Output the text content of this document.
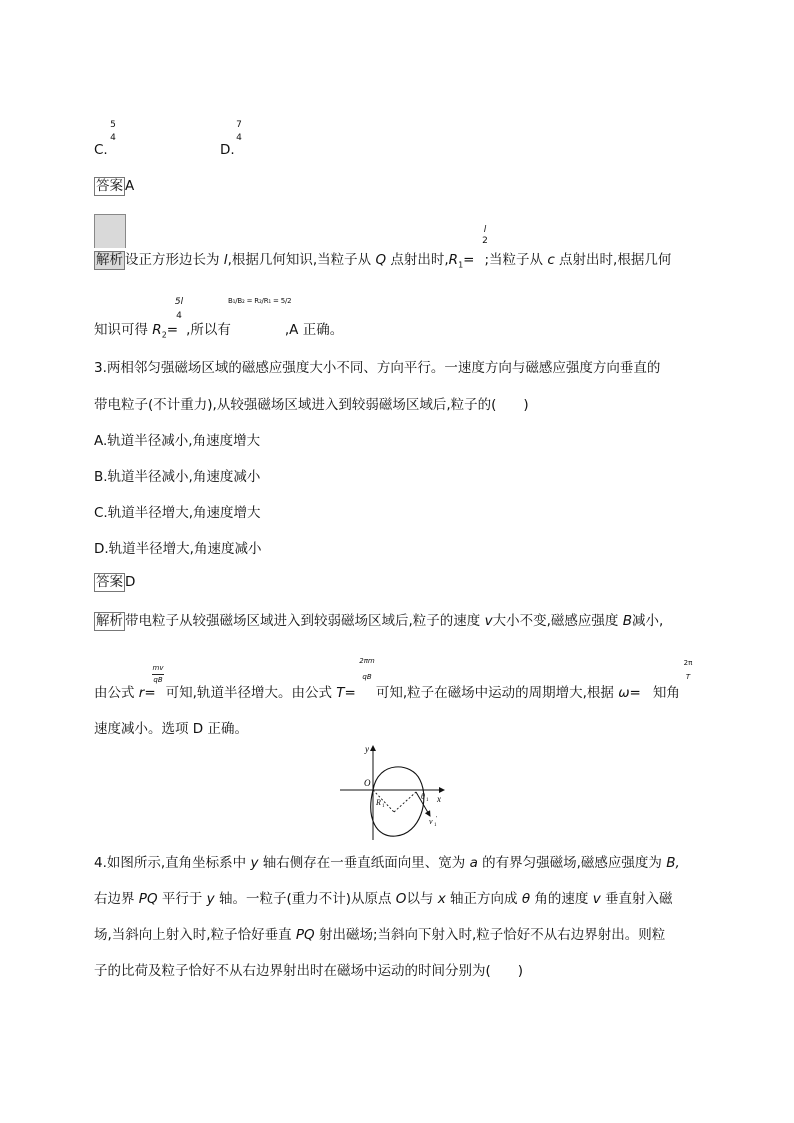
5
4
C.
7
4
D.
答案 A
解析 设正方形边长为 l,根据几何知识,当粒子从 Q 点射出时$,R_1=$ ;当粒子从 c 点射出时,根据几何
l
2
5l
4
B₁/B₂ = R₂/R₁ = 5/2
知识可得 $R_2=$ ,所以有	,A 正确。
3.两相邻匀强磁场区域的磁感应强度大小不同、方向平行。一速度方向与磁感应强度方向垂直的
带电粒子(不计重力),从较强磁场区域进入到较弱磁场区域后,粒子的(　　)
A.轨道半径减小,角速度增大
B.轨道半径减小,角速度减小
C.轨道半径增大,角速度增大
D.轨道半径增大,角速度减小
答案 D
解析 带电粒子从较强磁场区域进入到较弱磁场区域后,粒子的速度 v大小不变,磁感应强度 B减小,
mv
qB
2πm
qB
2π
T
由公式 r= 可知,轨道半径增大。由公式 T= 可知,粒子在磁场中运动的周期增大,根据 ω= 知角
速度减小。选项 D 正确。
y
x
O
R 1
θ 1
v 1
'
4.如图所示,直角坐标系中 y 轴右侧存在一垂直纸面向里、宽为 a 的有界匀强磁场,磁感应强度为 B,
右边界 PQ 平行于 y 轴。一粒子(重力不计)从原点 O以与 x 轴正方向成 θ 角的速度 v 垂直射入磁
场,当斜向上射入时,粒子恰好垂直 PQ 射出磁场;当斜向下射入时,粒子恰好不从右边界射出。则粒
子的比荷及粒子恰好不从右边界射出时在磁场中运动的时间分别为(　　)
